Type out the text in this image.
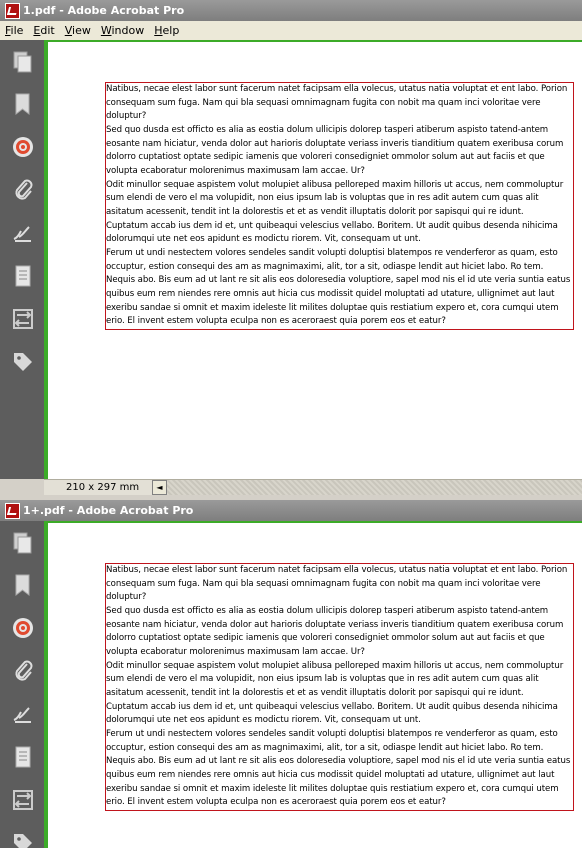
1.pdf - Adobe Acrobat Pro
File Edit View Window Help

Natibus, necae elest labor sunt facerum natet facipsam ella volecus, utatus natia voluptat et ent labo. Porion consequam sum fuga. Nam qui bla sequasi omnimagnam fugita con nobit ma quam inci voloritae vere doluptur?

Sed quo dusda est officto es alia as eostia dolum ullicipis dolorep tasperi atiberum aspisto tatend-antem eosante nam hiciatur, venda dolor aut harioris doluptate veriass inveris tianditium quatem exeribusa corum dolorro cuptatiost optate sedipic iamenis que voloreri consedigniet ommolor solum aut aut faciis et que volupta ecaboratur molorenimus maximusam lam accae. Ur?

Odit minullor sequae aspistem volut molupiet alibusa pelloreped maxim hilloris ut accus, nem commoluptur sum elendi de vero el ma volupidit, non eius ipsum lab is voluptas que in res adit autem cum quas alit asitatum acessenit, tendit int la dolorestis et et as vendit illuptatis dolorit por sapisqui qui re idunt.

Cuptatum accab ius dem id et, unt quibeaqui velescius vellabo. Boritem. Ut audit quibus desenda nihicima dolorumqui ute net eos apidunt es modictu riorem. Vit, consequam ut unt.

Ferum ut undi nestectem volores sendeles sandit volupti doluptisi blatempos re venderferor as quam, esto occuptur, estion consequi des am as magnimaximi, alit, tor a sit, odiaspe lendit aut hiciet labo. Ro tem. Nequis abo. Bis eum ad ut lant re sit alis eos doloresedia voluptiore, sapel mod nis el id ute veria suntia eatus quibus eum rem niendes rere omnis aut hicia cus modissit quidel moluptati ad utature, ullignimet aut laut exeribu sandae si omnit et maxim ideleste lit milites doluptae quis restiatium expero et, cora cumqui utem erio. El invent estem volupta eculpa non es aceroraest quia porem eos et eatur?

210 x 297 mm	◄
1+.pdf - Adobe Acrobat Pro

Natibus, necae elest labor sunt facerum natet facipsam ella volecus, utatus natia voluptat et ent labo. Porion consequam sum fuga. Nam qui bla sequasi omnimagnam fugita con nobit ma quam inci voloritae vere doluptur?

Sed quo dusda est officto es alia as eostia dolum ullicipis dolorep tasperi atiberum aspisto tatend-antem eosante nam hiciatur, venda dolor aut harioris doluptate veriass inveris tianditium quatem exeribusa corum dolorro cuptatiost optate sedipic iamenis que voloreri consedigniet ommolor solum aut aut faciis et que volupta ecaboratur molorenimus maximusam lam accae. Ur?

Odit minullor sequae aspistem volut molupiet alibusa pelloreped maxim hilloris ut accus, nem commoluptur sum elendi de vero el ma volupidit, non eius ipsum lab is voluptas que in res adit autem cum quas alit asitatum acessenit, tendit int la dolorestis et et as vendit illuptatis dolorit por sapisqui qui re idunt.

Cuptatum accab ius dem id et, unt quibeaqui velescius vellabo. Boritem. Ut audit quibus desenda nihicima dolorumqui ute net eos apidunt es modictu riorem. Vit, consequam ut unt.

Ferum ut undi nestectem volores sendeles sandit volupti doluptisi blatempos re venderferor as quam, esto occuptur, estion consequi des am as magnimaximi, alit, tor a sit, odiaspe lendit aut hiciet labo. Ro tem. Nequis abo. Bis eum ad ut lant re sit alis eos doloresedia voluptiore, sapel mod nis el id ute veria suntia eatus quibus eum rem niendes rere omnis aut hicia cus modissit quidel moluptati ad utature, ullignimet aut laut exeribu sandae si omnit et maxim ideleste lit milites doluptae quis restiatium expero et, cora cumqui utem erio. El invent estem volupta eculpa non es aceroraest quia porem eos et eatur?
